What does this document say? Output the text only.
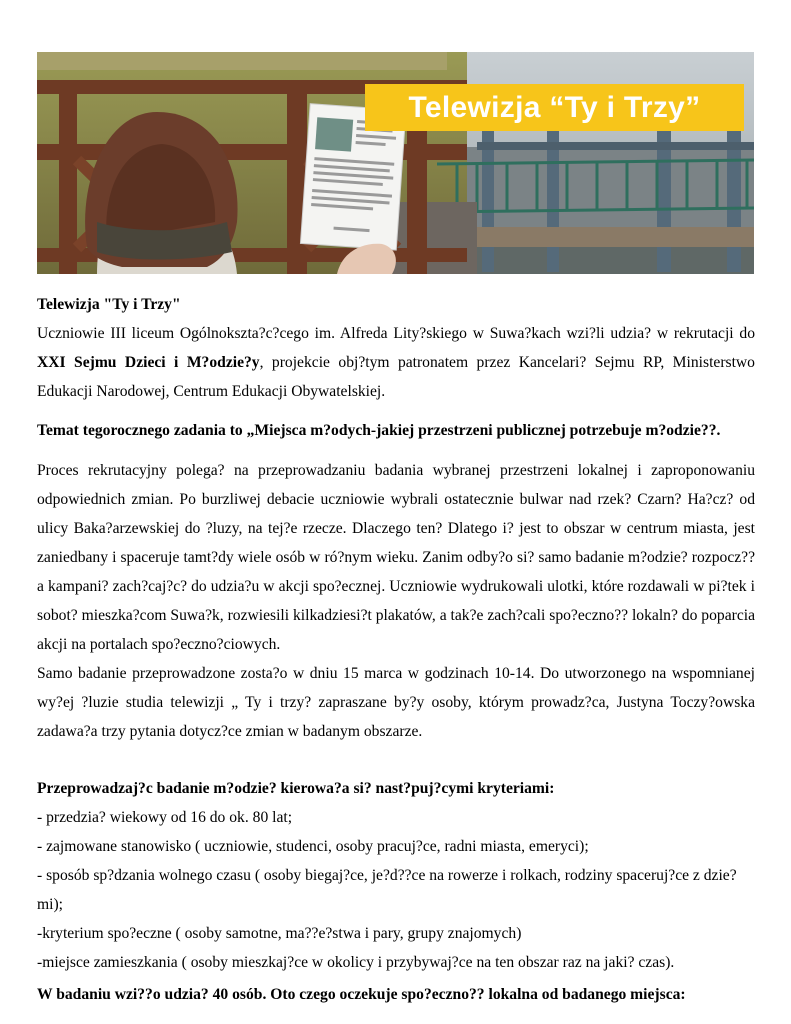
Telewizja “Ty i Trzy”

Telewizja "Ty i Trzy"

Uczniowie III liceum Ogólnokszta?c?cego im. Alfreda Lity?skiego w Suwa?kach wzi?li udzia? w rekrutacji do XXI Sejmu Dzieci i M?odzie?y, projekcie obj?tym patronatem przez Kancelari? Sejmu RP, Ministerstwo Edukacji Narodowej, Centrum Edukacji Obywatelskiej.

Temat tegorocznego zadania to „Miejsca m?odych-jakiej przestrzeni publicznej potrzebuje m?odzie??.

Proces rekrutacyjny polega? na przeprowadzaniu badania wybranej przestrzeni lokalnej i zaproponowaniu odpowiednich zmian. Po burzliwej debacie uczniowie wybrali ostatecznie bulwar nad rzek? Czarn? Ha?cz? od ulicy Baka?arzewskiej do ?luzy, na tej?e rzecze. Dlaczego ten? Dlatego i? jest to obszar w centrum miasta, jest zaniedbany i spaceruje tamt?dy wiele osób w ró?nym wieku. Zanim odby?o si? samo badanie m?odzie? rozpocz??a kampani? zach?caj?c? do udzia?u w akcji spo?ecznej. Uczniowie wydrukowali ulotki, które rozdawali w pi?tek i sobot? mieszka?com Suwa?k, rozwiesili kilkadziesi?t plakatów, a tak?e zach?cali spo?eczno?? lokaln? do poparcia akcji na portalach spo?eczno?ciowych.

Samo badanie przeprowadzone zosta?o w dniu 15 marca w godzinach 10-14. Do utworzonego na wspomnianej wy?ej ?luzie studia telewizji „ Ty i trzy? zapraszane by?y osoby, którym prowadz?ca, Justyna Toczy?owska zadawa?a trzy pytania dotycz?ce zmian w badanym obszarze.

Przeprowadzaj?c badanie m?odzie? kierowa?a si? nast?puj?cymi kryteriami:

- przedzia? wiekowy od 16 do ok. 80 lat;
- zajmowane stanowisko ( uczniowie, studenci, osoby pracuj?ce, radni miasta, emeryci);
- sposób sp?dzania wolnego czasu ( osoby biegaj?ce, je?d??ce na rowerze i rolkach, rodziny spaceruj?ce z dzie?mi);
-kryterium spo?eczne ( osoby samotne, ma??e?stwa i pary, grupy znajomych)
-miejsce zamieszkania ( osoby mieszkaj?ce w okolicy i przybywaj?ce na ten obszar raz na jaki? czas).
W badaniu wzi??o udzia? 40 osób. Oto czego oczekuje spo?eczno?? lokalna od badanego miejsca:
